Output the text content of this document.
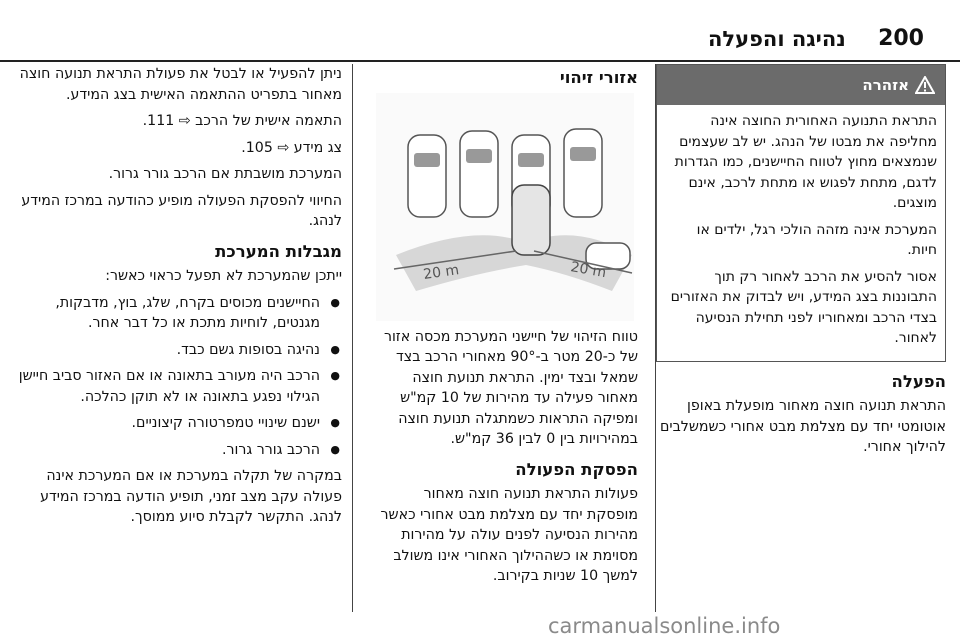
200
נהיגה והפעלה
אזהרה

התראת התנועה האחורית החוצה אינה מחליפה את מבטו של הנהג. יש לב שעצמים שנמצאים מחוץ לטווח החיישנים, כמו הגדרות לדגם, מתחת לפגוש או מתחת לרכב, אינם מוצגים.

המערכת אינה מזהה הולכי רגל, ילדים או חיות.

אסור להסיע את הרכב לאחור רק תוך התבוננות בצג המידע, ויש לבדוק את האזורים בצדי הרכב ומאחוריו לפני תחילת הנסיעה לאחור.

הפעלה

התראת תנועה חוצה מאחור מופעלת באופן אוטומטי יחד עם מצלמת מבט אחורי כשמשלבים להילוך אחורי.

אזורי זיהוי
20 m	20 m

טווח הזיהוי של חיישני המערכת מכסה אזור של כ-20 מטר ב-90° מאחורי הרכב בצד שמאל ובצד ימין. התראת תנועת חוצה מאחור פעילה עד מהירות של 10 קמ"ש ומפיקה התראות כשמתגלה תנועת חוצה במהירויות בין 0 לבין 36 קמ"ש.

הפסקת הפעולה

פעולות התראת תנועה חוצה מאחור מופסקת יחד עם מצלמת מבט אחורי כאשר מהירות הנסיעה לפנים עולה על מהירות מסוימת או כשההילוך האחורי אינו משולב למשך 10 שניות בקירוב.

ניתן להפעיל או לבטל את פעולת התראת תנועה חוצה מאחור בתפריט ההתאמה האישית בצג המידע.

התאמה אישית של הרכב ⇨ 111.

צג מידע ⇨ 105.

המערכת מושבתת אם הרכב גורר גרור.

החיווי להפסקת הפעולה מופיע כהודעה במרכז המידע לנהג.

מגבלות המערכת

ייתכן שהמערכת לא תפעל כראוי כאשר:

● החיישנים מכוסים בקרח, שלג, בוץ, מדבקות, מגנטים, לוחיות מתכת או כל דבר אחר.
● נהיגה בסופות גשם כבד.
● הרכב היה מעורב בתאונה או אם האזור סביב חיישן הגילוי נפגע בתאונה או לא תוקן כהלכה.
● ישנם שינויי טמפרטורה קיצוניים.
● הרכב גורר גרור.

במקרה של תקלה במערכת או אם המערכת אינה פעולה עקב מצב זמני, תופיע הודעה במרכז המידע לנהג. התקשר לקבלת סיוע ממוסך.

carmanualsonline.info
